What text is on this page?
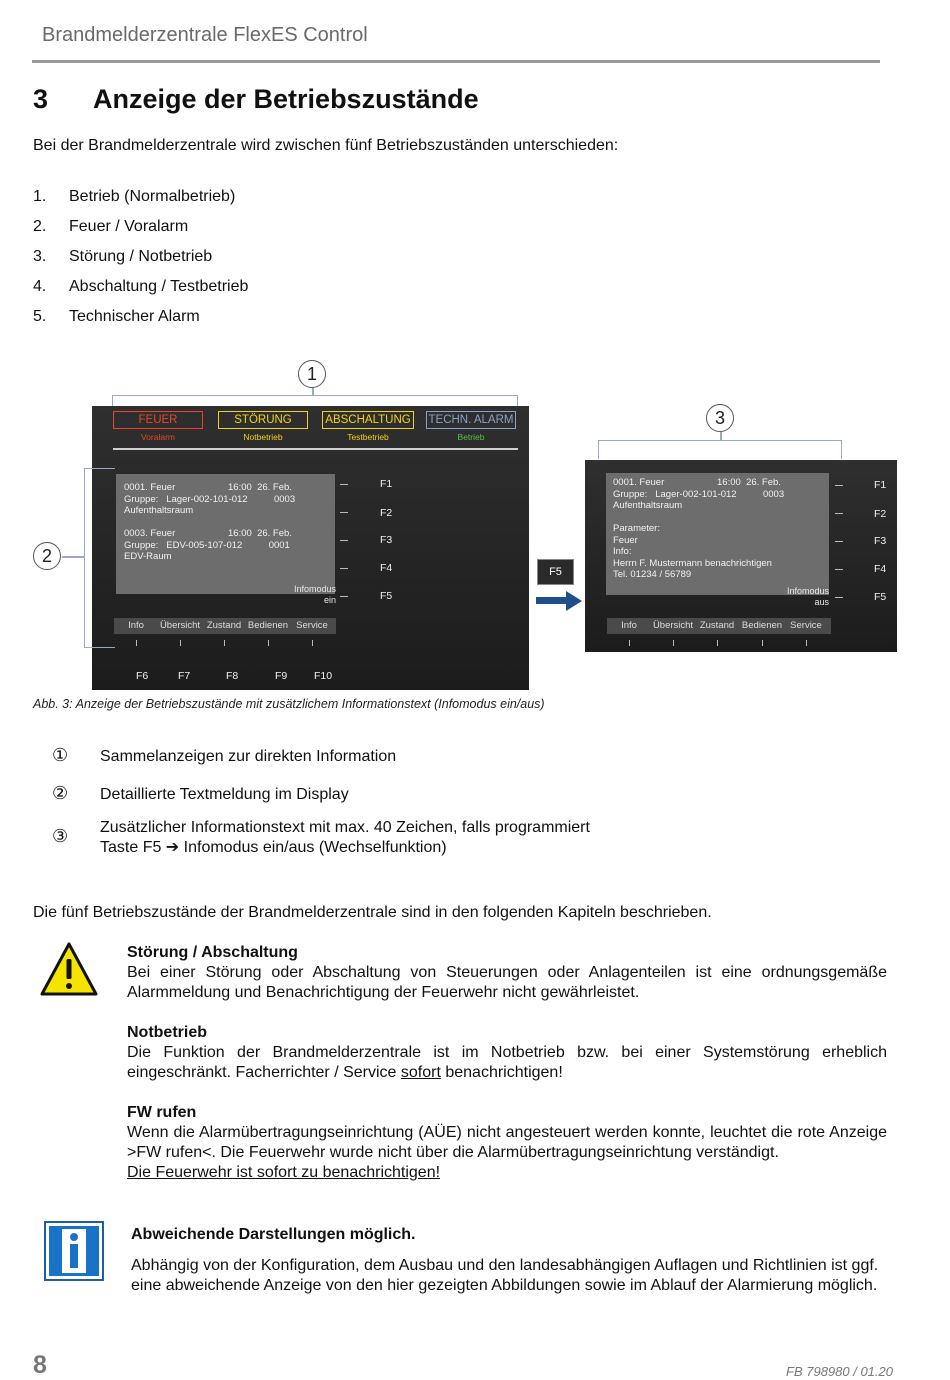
Brandmelderzentrale FlexES Control
3 Anzeige der Betriebszustände
Bei der Brandmelderzentrale wird zwischen fünf Betriebszuständen unterschieden:
1. Betrieb (Normalbetrieb)
2. Feuer / Voralarm
3. Störung / Notbetrieb
4. Abschaltung / Testbetrieb
5. Technischer Alarm
1
FEUER
Voralarm
STÖRUNG
Notbetrieb
ABSCHALTUNG
Testbetrieb
TECHN. ALARM
Betrieb
0001. Feuer                    16:00  26. Feb.
Gruppe:   Lager-002-101-012          0003
Aufenthaltsraum
0003. Feuer                    16:00  26. Feb.
Gruppe:   EDV-005-107-012          0001
EDV-Raum
Infomodus
ein
F1
F2
F3
F4
F5
Info	Übersicht Zustand Bedienen Service
F6	F7	F8	F9	F10
2
F5
3
0001. Feuer                    16:00  26. Feb.
Gruppe:   Lager-002-101-012          0003
Aufenthaltsraum
Parameter:
Feuer
Info:
Herrn F. Mustermann benachrichtigen
Tel. 01234 / 56789
Infomodus
aus
F1
F2
F3
F4
F5
Info	Übersicht Zustand Bedienen Service
Abb. 3: Anzeige der Betriebszustände mit zusätzlichem Informationstext (Infomodus ein/aus)
① Sammelanzeigen zur direkten Information
② Detaillierte Textmeldung im Display
③ Zusätzlicher Informationstext mit max. 40 Zeichen, falls programmiert
Taste F5 ➔ Infomodus ein/aus (Wechselfunktion)
Die fünf Betriebszustände der Brandmelderzentrale sind in den folgenden Kapiteln beschrieben.
Störung / Abschaltung
Bei einer Störung oder Abschaltung von Steuerungen oder Anlagenteilen ist eine ordnungsgemäße Alarmmeldung und Benachrichtigung der Feuerwehr nicht gewährleistet.
Notbetrieb
Die Funktion der Brandmelderzentrale ist im Notbetrieb bzw. bei einer Systemstörung erheblich eingeschränkt. Facherrichter / Service sofort benachrichtigen!
FW rufen
Wenn die Alarmübertragungseinrichtung (AÜE) nicht angesteuert werden konnte, leuchtet die rote Anzeige >FW rufen<. Die Feuerwehr wurde nicht über die Alarmübertragungseinrichtung verständigt.
Die Feuerwehr ist sofort zu benachrichtigen!
Abweichende Darstellungen möglich.
Abhängig von der Konfiguration, dem Ausbau und den landesabhängigen Auflagen und Richtlinien ist ggf. eine abweichende Anzeige von den hier gezeigten Abbildungen sowie im Ablauf der Alarmierung möglich.
8	FB 798980 / 01.20
